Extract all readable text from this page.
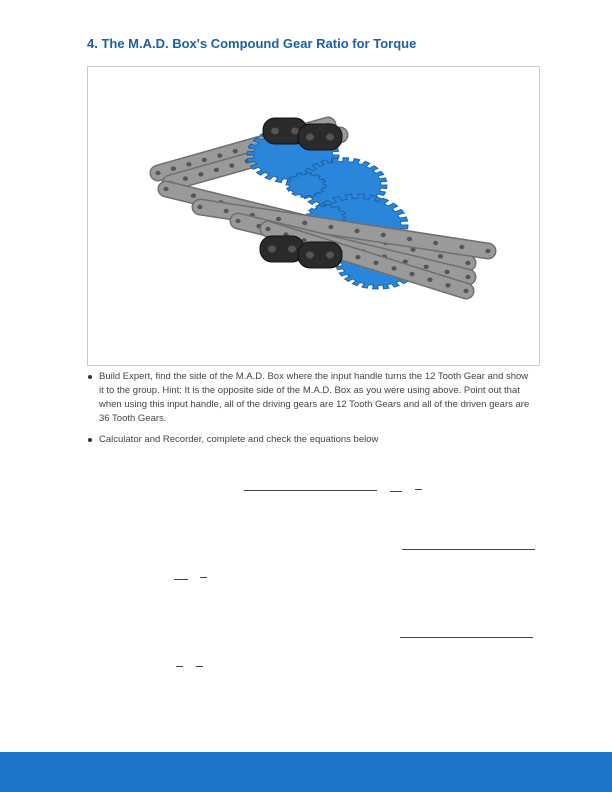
4. The M.A.D. Box's Compound Gear Ratio for Torque
Build Expert, find the side of the M.A.D. Box where the input handle turns the 12 Tooth Gear and show it to the group. Hint: It is the opposite side of the M.A.D. Box as you were using above. Point out that when using this input handle, all of the driving gears are 12 Tooth Gears and all of the driven gears are 36 Tooth Gears.
Calculator and Recorder, complete and check the equations below
